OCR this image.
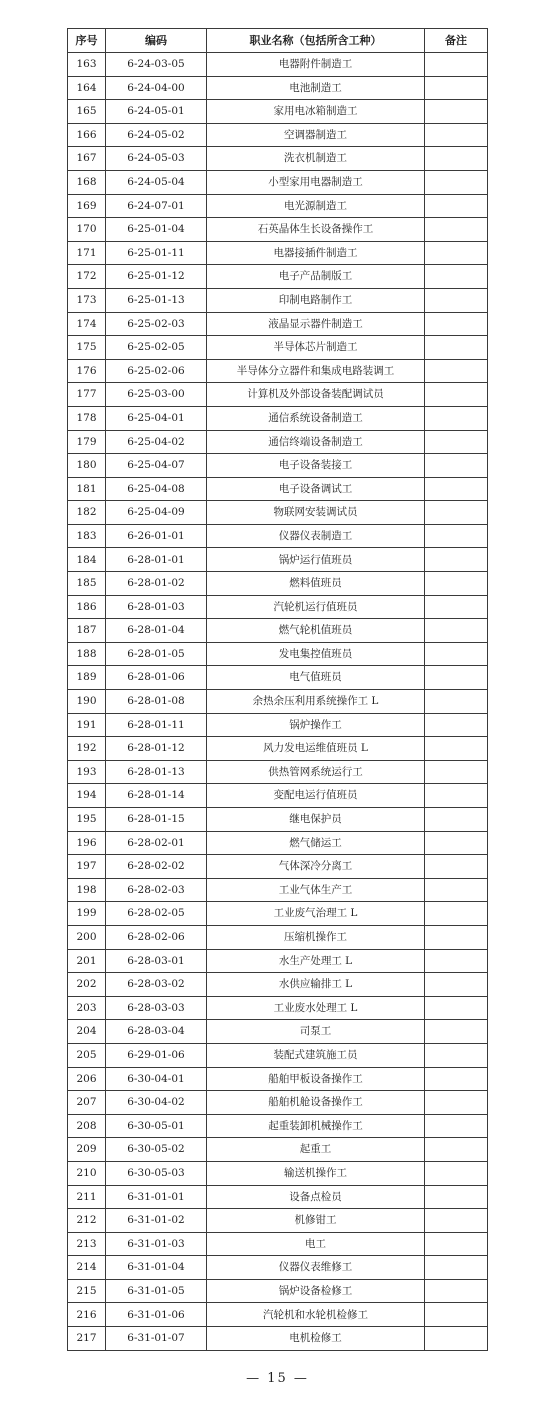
序号	编码	职业名称（包括所含工种）	备注
163	6-24-03-05	电器附件制造工	
164	6-24-04-00	电池制造工	
165	6-24-05-01	家用电冰箱制造工	
166	6-24-05-02	空调器制造工	
167	6-24-05-03	洗衣机制造工	
168	6-24-05-04	小型家用电器制造工	
169	6-24-07-01	电光源制造工	
170	6-25-01-04	石英晶体生长设备操作工	
171	6-25-01-11	电器接插件制造工	
172	6-25-01-12	电子产品制版工	
173	6-25-01-13	印制电路制作工	
174	6-25-02-03	液晶显示器件制造工	
175	6-25-02-05	半导体芯片制造工	
176	6-25-02-06	半导体分立器件和集成电路装调工	
177	6-25-03-00	计算机及外部设备装配调试员	
178	6-25-04-01	通信系统设备制造工	
179	6-25-04-02	通信终端设备制造工	
180	6-25-04-07	电子设备装接工	
181	6-25-04-08	电子设备调试工	
182	6-25-04-09	物联网安装调试员	
183	6-26-01-01	仪器仪表制造工	
184	6-28-01-01	锅炉运行值班员	
185	6-28-01-02	燃料值班员	
186	6-28-01-03	汽轮机运行值班员	
187	6-28-01-04	燃气轮机值班员	
188	6-28-01-05	发电集控值班员	
189	6-28-01-06	电气值班员	
190	6-28-01-08	余热余压利用系统操作工 L	
191	6-28-01-11	锅炉操作工	
192	6-28-01-12	风力发电运维值班员 L	
193	6-28-01-13	供热管网系统运行工	
194	6-28-01-14	变配电运行值班员	
195	6-28-01-15	继电保护员	
196	6-28-02-01	燃气储运工	
197	6-28-02-02	气体深冷分离工	
198	6-28-02-03	工业气体生产工	
199	6-28-02-05	工业废气治理工 L	
200	6-28-02-06	压缩机操作工	
201	6-28-03-01	水生产处理工 L	
202	6-28-03-02	水供应输排工 L	
203	6-28-03-03	工业废水处理工 L	
204	6-28-03-04	司泵工	
205	6-29-01-06	装配式建筑施工员	
206	6-30-04-01	船舶甲板设备操作工	
207	6-30-04-02	船舶机舱设备操作工	
208	6-30-05-01	起重装卸机械操作工	
209	6-30-05-02	起重工	
210	6-30-05-03	输送机操作工	
211	6-31-01-01	设备点检员	
212	6-31-01-02	机修钳工	
213	6-31-01-03	电工	
214	6-31-01-04	仪器仪表维修工	
215	6-31-01-05	锅炉设备检修工	
216	6-31-01-06	汽轮机和水轮机检修工	
217	6-31-01-07	电机检修工	
— 15 —
